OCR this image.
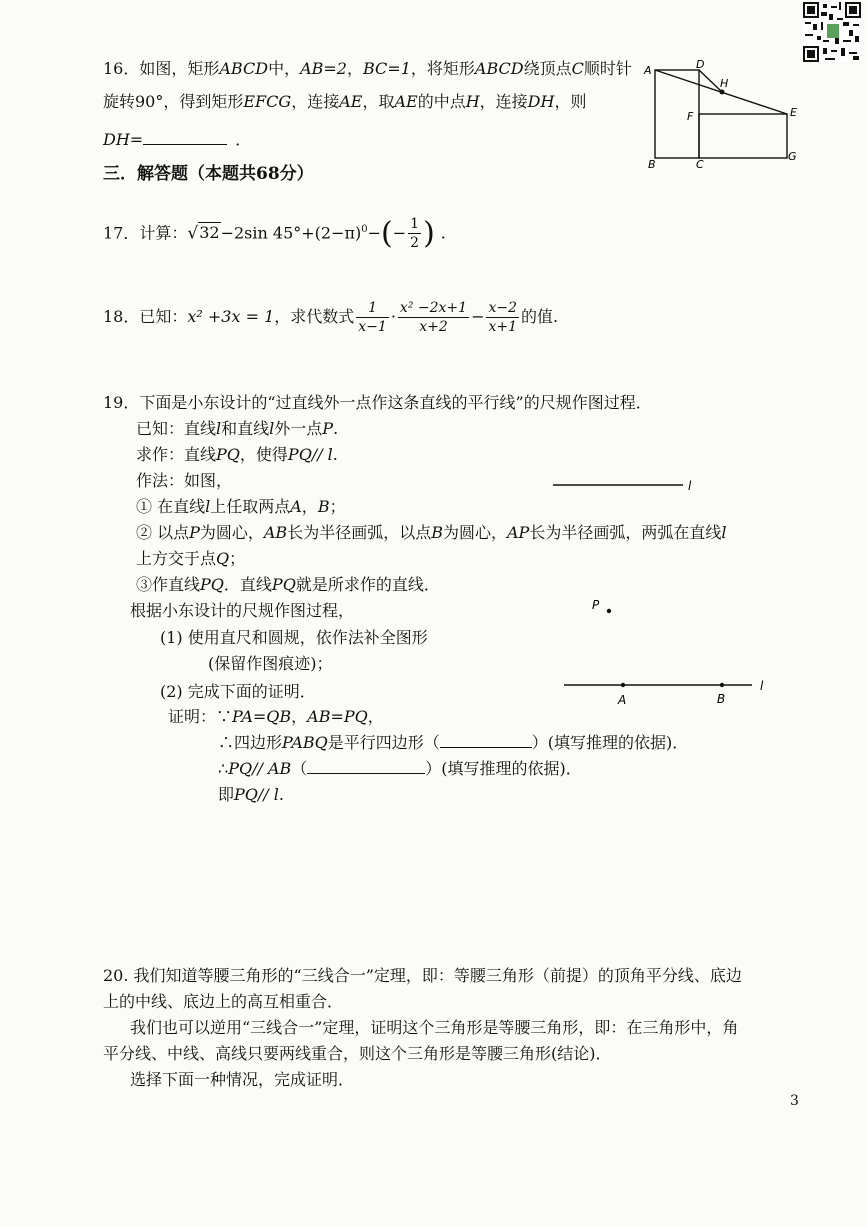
16．如图，矩形ABCD中，AB=2，BC=1，将矩形ABCD绕顶点C顺时针
旋转90°，得到矩形EFCG，连接AE，取AE的中点H，连接DH，则
DH=	．
A	D
H
E
F
B	C
G
三．解答题（本题共68分）
17．计算：√32−2sin $45^\circ+(2-\pi)^0-(- \frac{1}{2}$ ) ．
18．已知：x² +3x = 1，求代数式 $\frac{1}{x-1} \cdot \frac{\text{x² −2x+1}}{x+2} - \frac{x-2}{x+1}$ 的值.
19．下面是小东设计的“过直线外一点作这条直线的平行线”的尺规作图过程．
已知：直线l和直线l外一点P.
求作：直线PQ，使得PQ// l.
作法：如图，
① 在直线l上任取两点A，B；
② 以点P为圆心，AB长为半径画弧，以点B为圆心，AP长为半径画弧，两弧在直线l
上方交于点Q；
③作直线PQ．直线PQ就是所求作的直线．
根据小东设计的尺规作图过程，
(1) 使用直尺和圆规，依作法补全图形
(保留作图痕迹)；
(2) 完成下面的证明．
证明：∵PA=QB，AB=PQ，
∴四边形PABQ是平行四边形（	）(填写推理的依据)．
∴PQ// AB（	）(填写推理的依据)．
即PQ// l.
l
P
A	B
l
20. 我们知道等腰三角形的“三线合一”定理，即：等腰三角形（前提）的顶角平分线、底边
上的中线、底边上的高互相重合．
我们也可以逆用“三线合一”定理，证明这个三角形是等腰三角形，即：在三角形中，角
平分线、中线、高线只要两线重合，则这个三角形是等腰三角形(结论)．
选择下面一种情况，完成证明．
3
